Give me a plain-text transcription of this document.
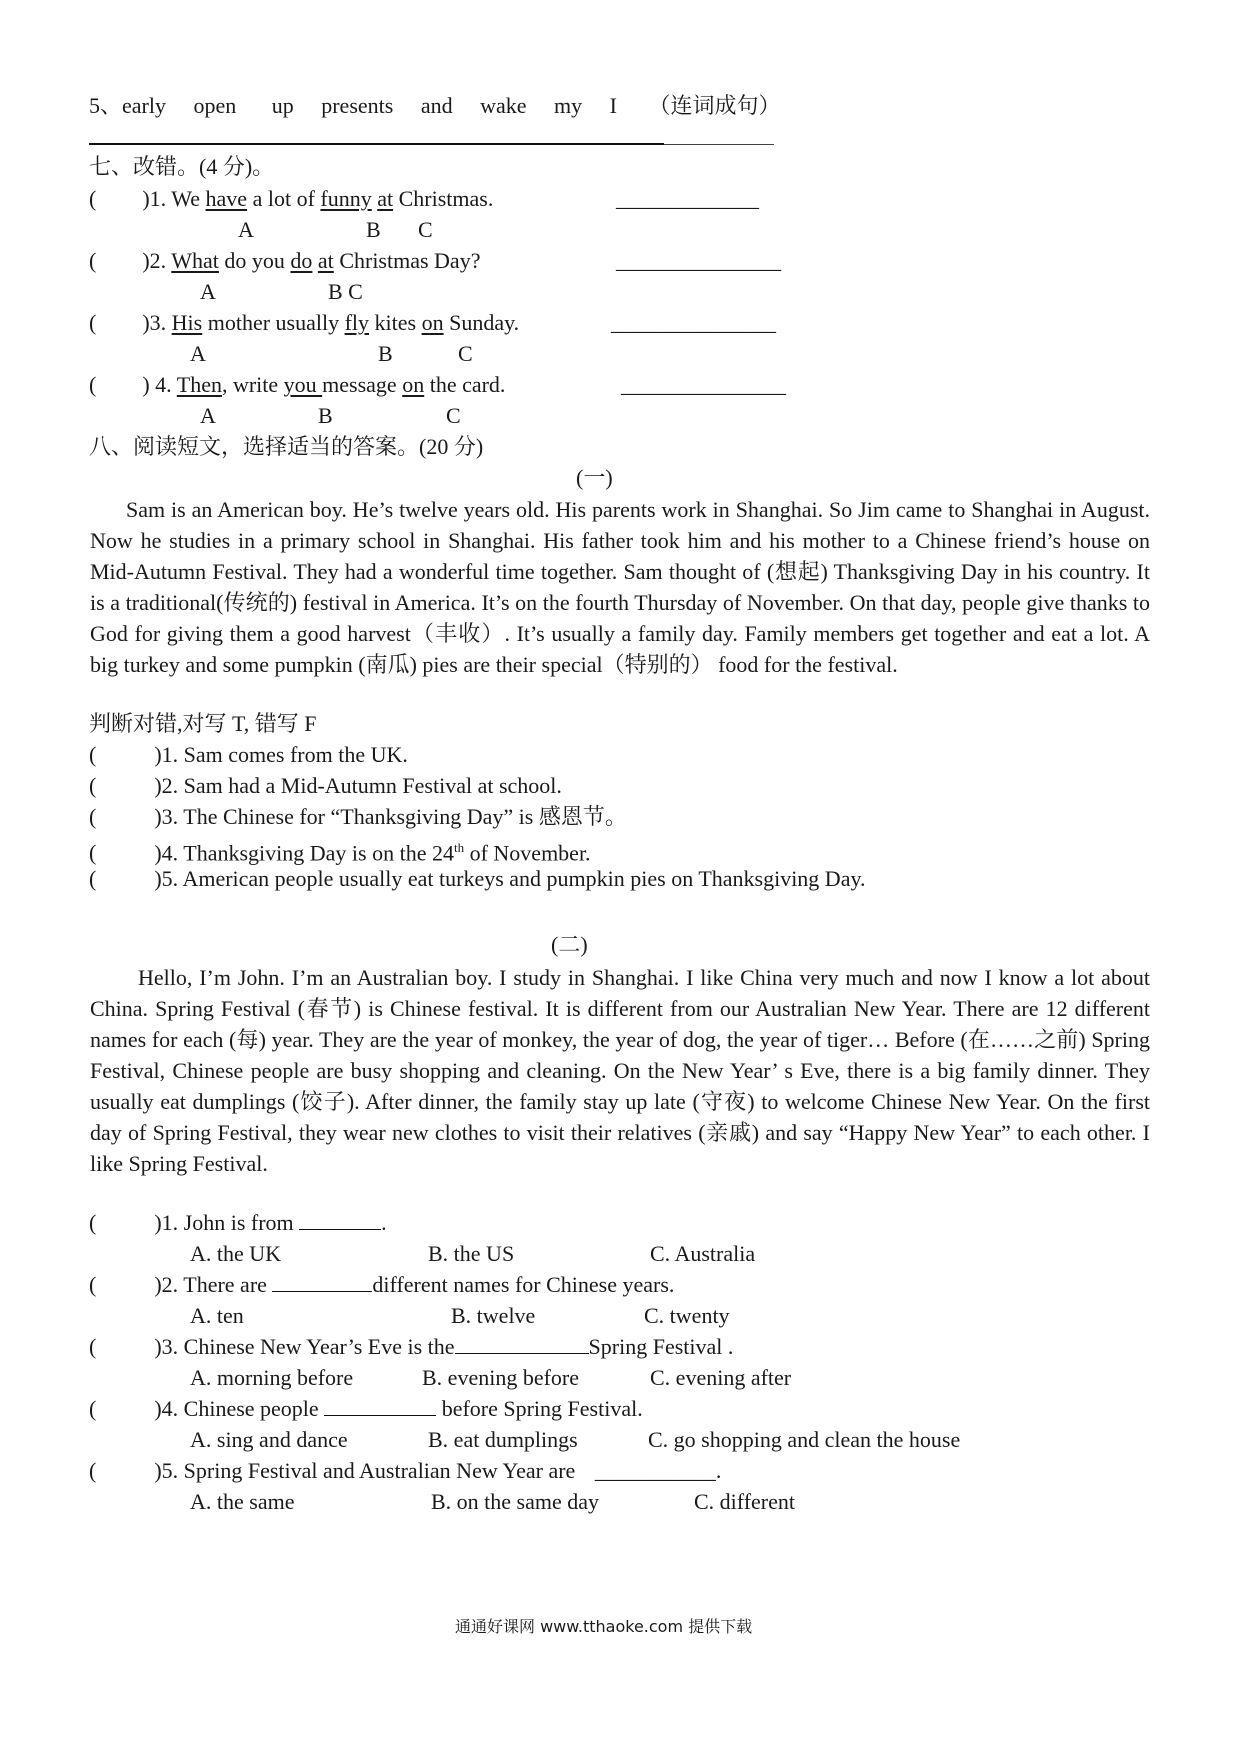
5、early open up presents and wake my I （连词成句）
七、改错。(4 分)。
( )1. We have a lot of funny at Christmas.	_____________
A	B C
( )2. What do you do at Christmas Day?	_______________
A	B C
( )3. His mother usually fly kites on Sunday.	_______________
A	B	C
( ) 4. Then, write you message on the card.	_______________
A	B	C
八、阅读短文，选择适当的答案。(20 分)
(一)

Sam is an American boy. He’s twelve years old. His parents work in Shanghai. So Jim came to Shanghai in August. Now he studies in a primary school in Shanghai. His father took him and his mother to a Chinese friend’s house on Mid-Autumn Festival. They had a wonderful time together. Sam thought of (想起) Thanksgiving Day in his country. It is a traditional(传统的) festival in America. It’s on the fourth Thursday of November. On that day, people give thanks to God for giving them a good harvest（丰收）. It’s usually a family day. Family members get together and eat a lot. A big turkey and some pumpkin (南瓜) pies are their special（特别的） food for the festival.

判断对错,对写 T, 错写 F
(	)1. Sam comes from the UK.
(	)2. Sam had a Mid-Autumn Festival at school.
(	)3. The Chinese for “Thanksgiving Day” is 感恩节。
(	)4. Thanksgiving Day is on the 24th of November.
(	)5. American people usually eat turkeys and pumpkin pies on Thanksgiving Day.
(二)

Hello, I’m John. I’m an Australian boy. I study in Shanghai. I like China very much and now I know a lot about China. Spring Festival (春节) is Chinese festival. It is different from our Australian New Year. There are 12 different names for each (每) year. They are the year of monkey, the year of dog, the year of tiger… Before (在……之前) Spring Festival, Chinese people are busy shopping and cleaning. On the New Year’ s Eve, there is a big family dinner. They usually eat dumplings (饺子). After dinner, the family stay up late (守夜) to welcome Chinese New Year. On the first day of Spring Festival, they wear new clothes to visit their relatives (亲戚) and say “Happy New Year” to each other. I like Spring Festival.

(	)1. John is from	.
A. the UK	B. the US	C. Australia
(	)2. There are	different names for Chinese years.
A. ten	B. twelve	C. twenty
(	)3. Chinese New Year’s Eve is the	Spring Festival .
A. morning before	B. evening before	C. evening after
(	)4. Chinese people	before Spring Festival.
A. sing and dance	B. eat dumplings	C. go shopping and clean the house
(	)5. Spring Festival and Australian New Year are ___________.
A. the same	B. on the same day	C. different
通通好课网 www.tthaoke.com 提供下载
